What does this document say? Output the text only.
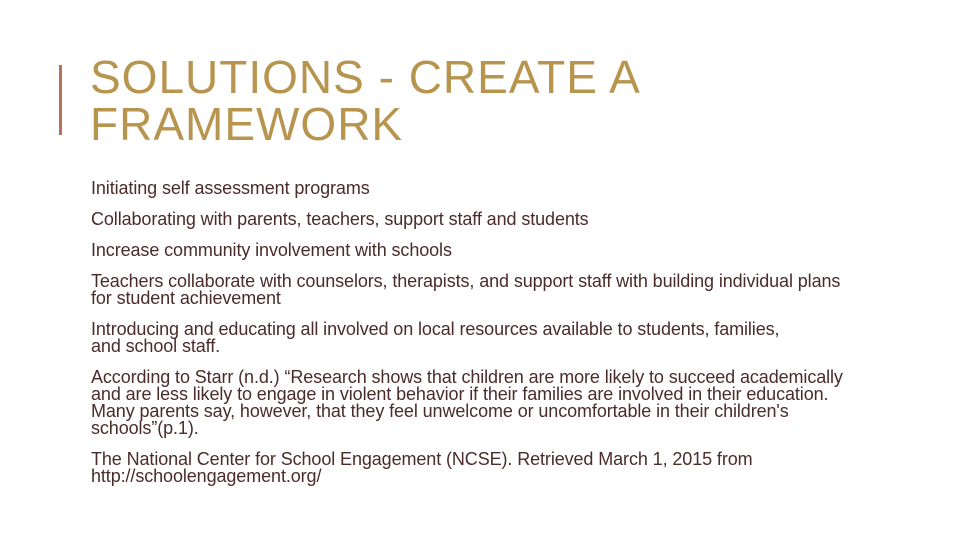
SOLUTIONS - CREATE A
FRAMEWORK

Initiating self assessment programs

Collaborating with parents, teachers, support staff and students

Increase community involvement with schools

Teachers collaborate with counselors, therapists, and support staff with building individual plans for student achievement

Introducing and educating all involved on local resources available to students, families, and school staff.

According to Starr (n.d.) “Research shows that children are more likely to succeed academically and are less likely to engage in violent behavior if their families are involved in their education. Many parents say, however, that they feel unwelcome or uncomfortable in their children's schools”(p.1).

The National Center for School Engagement (NCSE). Retrieved March 1, 2015 from http://schoolengagement.org/
